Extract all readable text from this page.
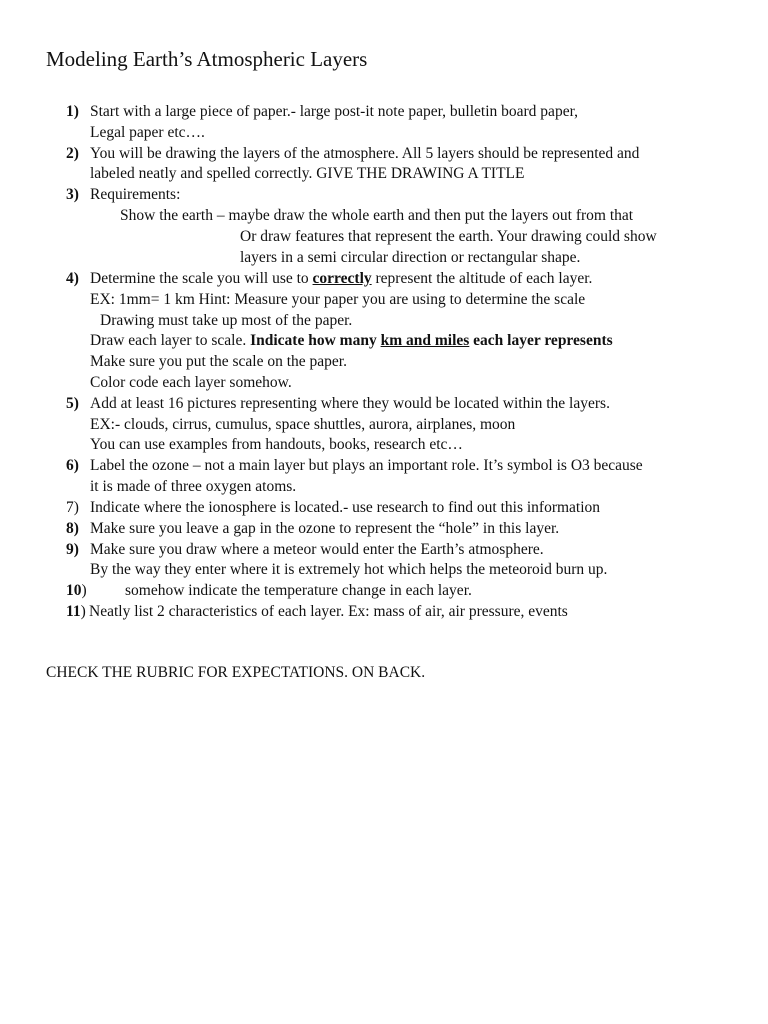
Modeling Earth’s Atmospheric Layers
1) Start with a large piece of paper.- large post-it note paper, bulletin board paper,
Legal paper etc….
2) You will be drawing the layers of the atmosphere. All 5 layers should be represented and
labeled neatly and spelled correctly. GIVE THE DRAWING A TITLE
3) Requirements:
Show the earth – maybe draw the whole earth and then put the layers out from that
Or draw features that represent the earth. Your drawing could show
layers in a semi circular direction or rectangular shape.
4) Determine the scale you will use to correctly represent the altitude of each layer.
EX: 1mm= 1 km Hint: Measure your paper you are using to determine the scale
Drawing must take up most of the paper.
Draw each layer to scale. Indicate how many km and miles each layer represents
Make sure you put the scale on the paper.
Color code each layer somehow.
5) Add at least 16 pictures representing where they would be located within the layers.
EX:- clouds, cirrus, cumulus, space shuttles, aurora, airplanes, moon
You can use examples from handouts, books, research etc…
6) Label the ozone – not a main layer but plays an important role. It’s symbol is O3 because
it is made of three oxygen atoms.
7) Indicate where the ionosphere is located.- use research to find out this information
8) Make sure you leave a gap in the ozone to represent the “hole” in this layer.
9) Make sure you draw where a meteor would enter the Earth’s atmosphere.
By the way they enter where it is extremely hot which helps the meteoroid burn up.
10) somehow indicate the temperature change in each layer.
11) Neatly list 2 characteristics of each layer. Ex: mass of air, air pressure, events
CHECK THE RUBRIC FOR EXPECTATIONS. ON BACK.
